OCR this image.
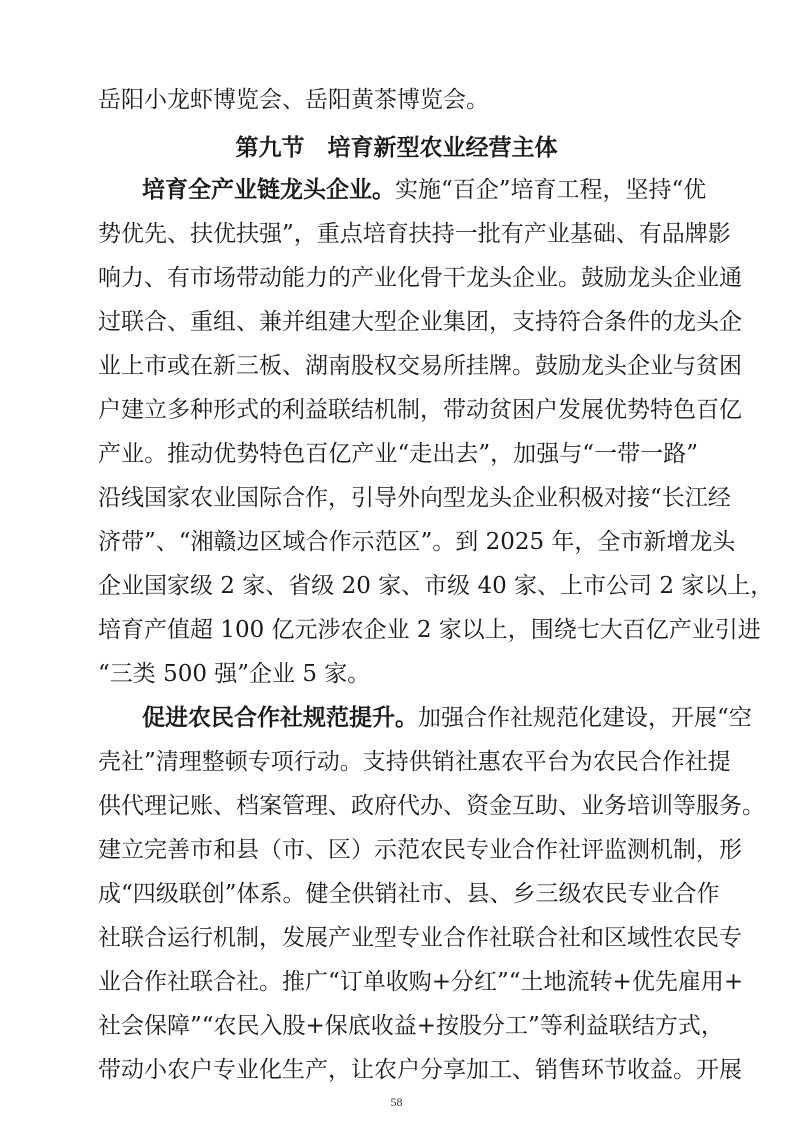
岳阳小龙虾博览会、岳阳黄茶博览会。
第九节　培育新型农业经营主体
培育全产业链龙头企业。实施“百企”培育工程，坚持“优
势优先、扶优扶强”，重点培育扶持一批有产业基础、有品牌影
响力、有市场带动能力的产业化骨干龙头企业。鼓励龙头企业通
过联合、重组、兼并组建大型企业集团，支持符合条件的龙头企
业上市或在新三板、湖南股权交易所挂牌。鼓励龙头企业与贫困
户建立多种形式的利益联结机制，带动贫困户发展优势特色百亿
产业。推动优势特色百亿产业“走出去”，加强与“一带一路”
沿线国家农业国际合作，引导外向型龙头企业积极对接“长江经
济带”、“湘赣边区域合作示范区”。到 2025 年，全市新增龙头
企业国家级 2 家、省级 20 家、市级 40 家、上市公司 2 家以上，
培育产值超 100 亿元涉农企业 2 家以上，围绕七大百亿产业引进
“三类 500 强”企业 5 家。
促进农民合作社规范提升。加强合作社规范化建设，开展“空
壳社”清理整顿专项行动。支持供销社惠农平台为农民合作社提
供代理记账、档案管理、政府代办、资金互助、业务培训等服务。
建立完善市和县（市、区）示范农民专业合作社评监测机制，形
成“四级联创”体系。健全供销社市、县、乡三级农民专业合作
社联合运行机制，发展产业型专业合作社联合社和区域性农民专
业合作社联合社。推广“订单收购+分红”“土地流转+优先雇用+
社会保障”“农民入股+保底收益+按股分工”等利益联结方式，
带动小农户专业化生产，让农户分享加工、销售环节收益。开展
58
